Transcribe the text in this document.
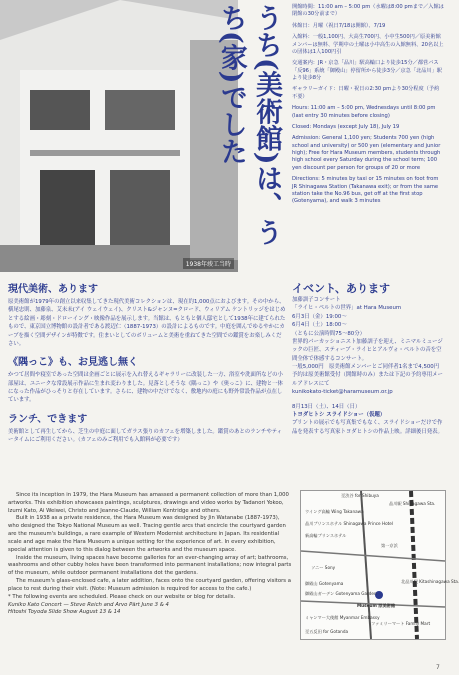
1938年竣工当時
うち(美術館)は、うち(家)でした

開館時間：11:00 am – 5:00 pm（水曜は8:00 pmまで／入館は閉館の30分前まで）

休館日：月曜（祝日7/18は開館）、7/19

入館料：一般1,100円、大高生700円、小中生500円／原美術館メンバーは無料、学期中の土曜は小中高生の入館無料、20名以上の団体は1人100円引

交通案内：JR・京急「品川」駅高輪口より徒歩15分／都営バス「反96」系統「御殿山」停留所から徒歩3分／京急「北品川」駅より徒歩8分

ギャラリーガイド：日曜・祝日の2:30 pmより30分程度（予約不要）

Hours: 11:00 am – 5:00 pm, Wednesdays until 8:00 pm (last entry 30 minutes before closing)

Closed: Mondays (except July 18), July 19

Admission: General 1,100 yen; Students 700 yen (high school and university) or 500 yen (elementary and junior high); Free for Hara Museum members, students through high school every Saturday during the school term; 100 yen discount per person for groups of 20 or more

Directions: 5 minutes by taxi or 15 minutes on foot from JR Shinagawa Station (Takanawa exit); or from the same station take the No.96 bus, get off at the first stop (Gotenyama), and walk 3 minutes

現代美術、あります
原美術館が1979年の創立以来収集してきた現代美術コレクションは、現在約1,000点におよびます。その中から、横尾忠則、加藤泉、艾未未(アイ ウェイウェイ)、クリスト&ジャンヌ=クロード、ウィリアム ケントリッジをはじめとする絵画・彫刻・ドローイング・映像作品を展示します。当館は、もともと個人邸宅として1938年に建てられたもので、東京国立博物館の設計者である渡辺仁（1887-1973）の設計によるものです。中庭を囲んでゆるやかにカーブを描く空間デザインが特徴です。住まいとしてのボリュームと美術を重ねてきた空間での鑑賞をお楽しみください。
《隅っこ》も、お見逃し無く
かつて居間や寝室であった空間は企画ごとに展示を入れ替えるギャラリーに改装した一方、浴室や洗面所などの小部屋は、ユニークな常設展示作品に生まれ変わりました。見落としそうな《隅っこ》や《奥っこ》に、建物と一体になった作品がひっそりと存在しています。さらに、建物の中だけでなく、敷地内の庭にも野外常設作品が点在しています。
ランチ、できます
美術館として再生してから、芝生の中庭に面してガラス張りのカフェを増築しました。鑑賞のあとのランチやティータイムにご利用ください。（カフェのみご利用でも入館料が必要です）
Since its inception in 1979, the Hara Museum has amassed a permanent collection of more than 1,000 artworks. This exhibition showcases paintings, sculptures, drawings and video works by Tadanori Yokoo, Izumi Kato, Ai Weiwei, Christo and Jeanne-Claude, William Kentridge and others.
Built in 1938 as a private residence, the Hara Museum was designed by Jin Watanabe (1887-1973), who designed the Tokyo National Museum as well. Tracing gentle arcs that encircle the courtyard garden are the museum's buildings, a rare example of Western Modernist architecture in Japan. Its residential scale and age make the Hara Museum a unique setting for the experience of art. In every exhibition, special attention is given to this dialog between the artworks and the museum space.
Inside the museum, living spaces have become galleries for an ever-changing array of art; bathrooms, washrooms and other cubby holes have been transformed into permanent installations; now integral parts of the museum, while outdoor permanent installations dot the gardens.
The museum's glass-enclosed cafe, a later addition, faces onto the courtyard garden, offering visitors a place to rest during their visit. (Note: Museum admission is required for access to the cafe.)
* The following events are scheduled. Please check on our website or blog for details.
Kuniko Kato Concert — Steve Reich and Arvo Pärt June 3 & 4
Hitoshi Toyoda Slide Show August 13 & 14
イベント、あります
加藤訓子コンサート
「ライヒ・ペルトの世界」at Hara Museum
6月3日（金）19:00〜
6月4日（土）18:00〜
（ともに公演時間75〜80分）
世界的パーカッショニスト加藤訓子を迎え、ミニマルミュージックの巨匠、スティーブ・ライヒとアルヴォ・ペルトの音を空間全体で体感するコンサート。
一般5,000円　原美術館メンバーとご同伴者1名まで4,500円
予約は原美術館受付（開館時のみ）または下記の予約専用メールアドレスにて
kunikokato-ticket@haramuseum.or.jp
8月13日（土）、14日（日）
トヨダヒトシ スライドショー（仮題）
プリントの展示でも写真集でもなく、スライドショーだけで作品を発表する写真家トヨダヒトシの作品上映。詳細後日発表。
至渋谷 for Shibuya
品川駅 Shinagawa Sta.
ウイング高輪 Wing Takanawa
品川プリンスホテル Shinagawa Prince Hotel
新高輪プリンスホテル
第一京浜
ソニー Sony
北品川駅 Kitashinagawa Sta.
Museum 原美術館
御殿山 Gotenyama
御殿山ガーデン Gotenyama Garden
ミャンマー大使館 Myanmar Embassy
ファミリーマート Family Mart
至五反田 for Gotanda
7
